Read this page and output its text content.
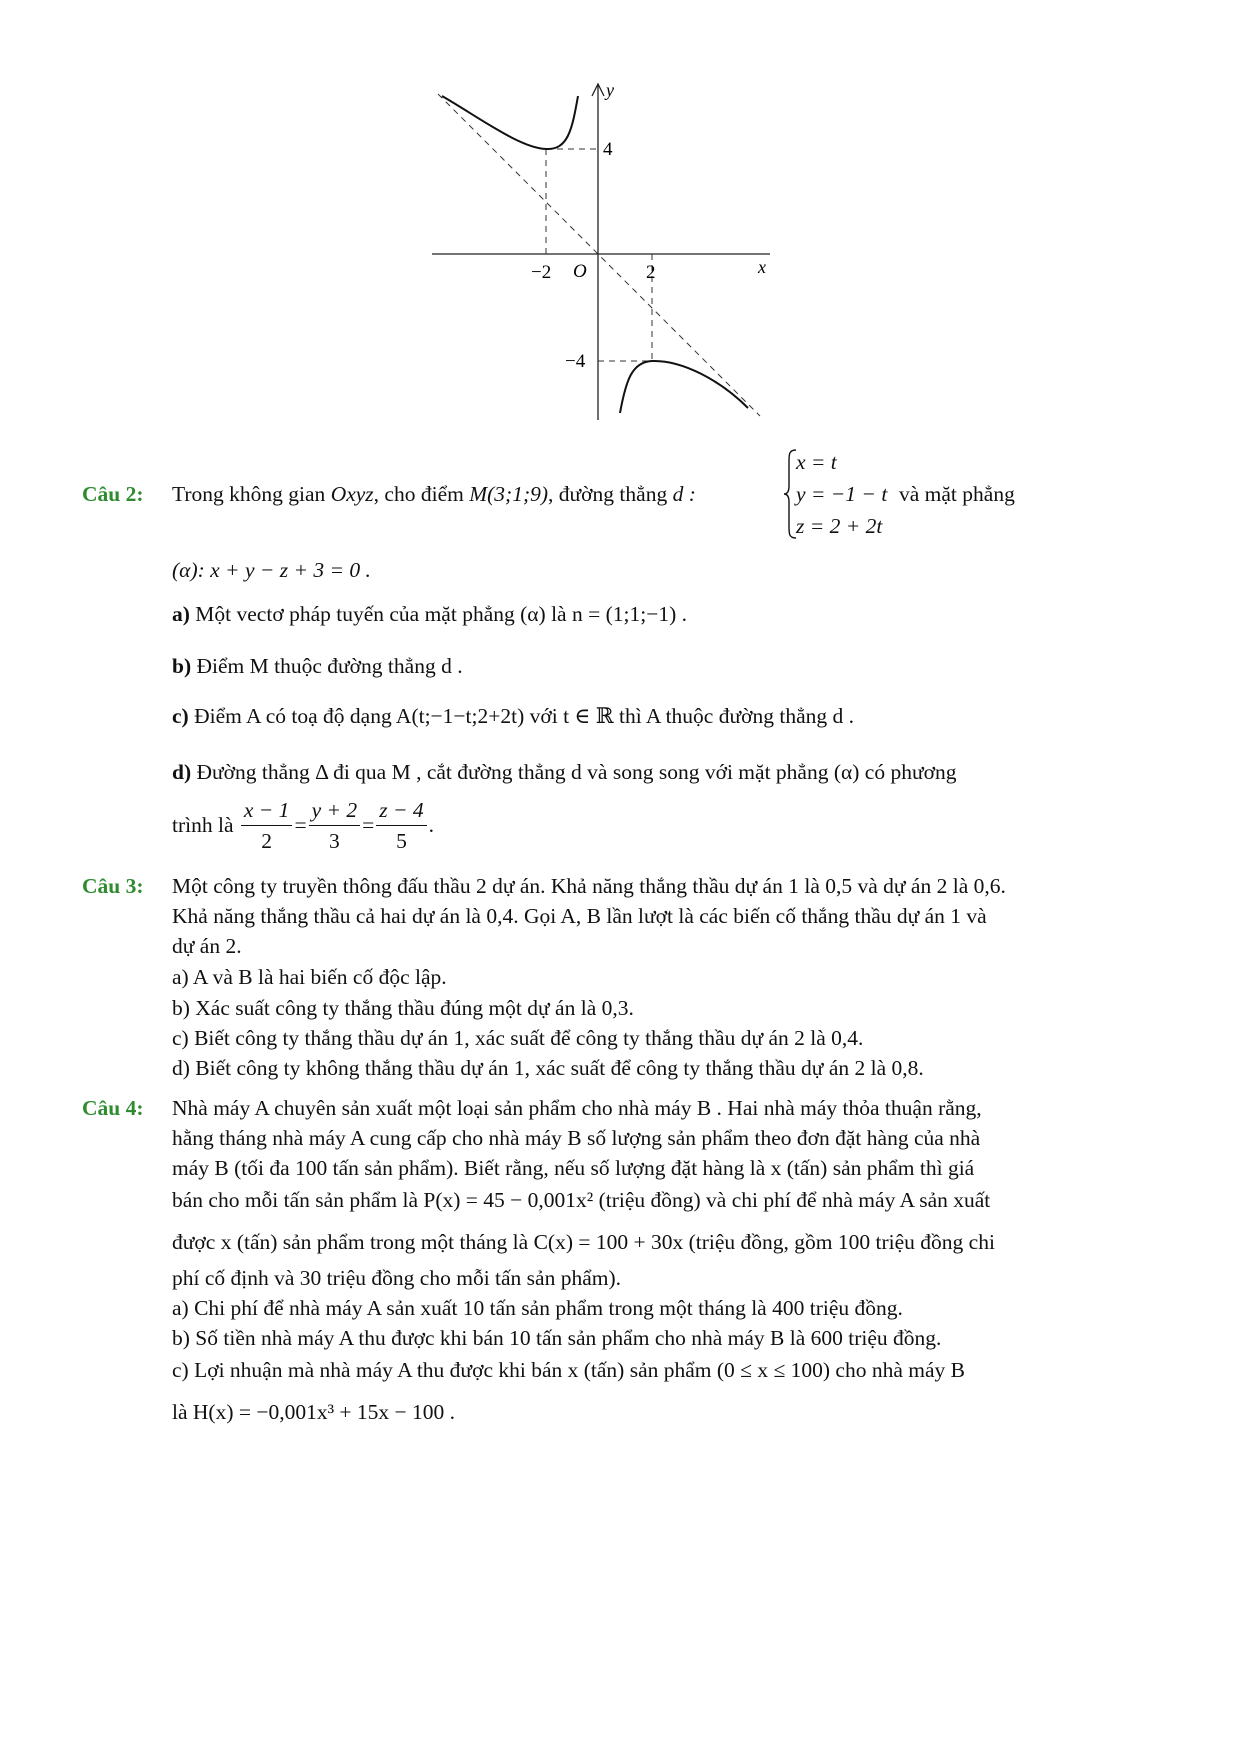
y
x
O
−2	2
4
−4
Câu 2: Trong không gian Oxyz, cho điểm M(3;1;9), đường thẳng d :
x = t
y = −1 − t
z = 2 + 2t
và mặt phẳng
(α): x + y − z + 3 = 0 .
a) Một vectơ pháp tuyến của mặt phẳng (α) là n = (1;1;−1) .
b) Điểm M thuộc đường thẳng d .
c) Điểm A có toạ độ dạng A(t;−1−t;2+2t) với t ∈ ℝ thì A thuộc đường thẳng d .
d) Đường thẳng Δ đi qua M , cắt đường thẳng d và song song với mặt phẳng (α) có phương
trình là $\frac{x - 1}{2} = \frac{y + 2}{3} = \frac{z - 4}{5}$ .
Câu 3: Một công ty truyền thông đấu thầu 2 dự án. Khả năng thắng thầu dự án 1 là 0,5 và dự án 2 là 0,6.
Khả năng thắng thầu cả hai dự án là 0,4. Gọi A, B lần lượt là các biến cố thắng thầu dự án 1 và
dự án 2.
a) A và B là hai biến cố độc lập.
b) Xác suất công ty thắng thầu đúng một dự án là 0,3.
c) Biết công ty thắng thầu dự án 1, xác suất để công ty thắng thầu dự án 2 là 0,4.
d) Biết công ty không thắng thầu dự án 1, xác suất để công ty thắng thầu dự án 2 là 0,8.
Câu 4: Nhà máy A chuyên sản xuất một loại sản phẩm cho nhà máy B . Hai nhà máy thỏa thuận rằng,
hằng tháng nhà máy A cung cấp cho nhà máy B số lượng sản phẩm theo đơn đặt hàng của nhà
máy B (tối đa 100 tấn sản phẩm). Biết rằng, nếu số lượng đặt hàng là x (tấn) sản phẩm thì giá
bán cho mỗi tấn sản phẩm là P(x) = 45 − 0,001x² (triệu đồng) và chi phí để nhà máy A sản xuất
được x (tấn) sản phẩm trong một tháng là C(x) = 100 + 30x (triệu đồng, gồm 100 triệu đồng chi
phí cố định và 30 triệu đồng cho mỗi tấn sản phẩm).
a) Chi phí để nhà máy A sản xuất 10 tấn sản phẩm trong một tháng là 400 triệu đồng.
b) Số tiền nhà máy A thu được khi bán 10 tấn sản phẩm cho nhà máy B là 600 triệu đồng.
c) Lợi nhuận mà nhà máy A thu được khi bán x (tấn) sản phẩm (0 ≤ x ≤ 100) cho nhà máy B
là H(x) = −0,001x³ + 15x − 100 .
